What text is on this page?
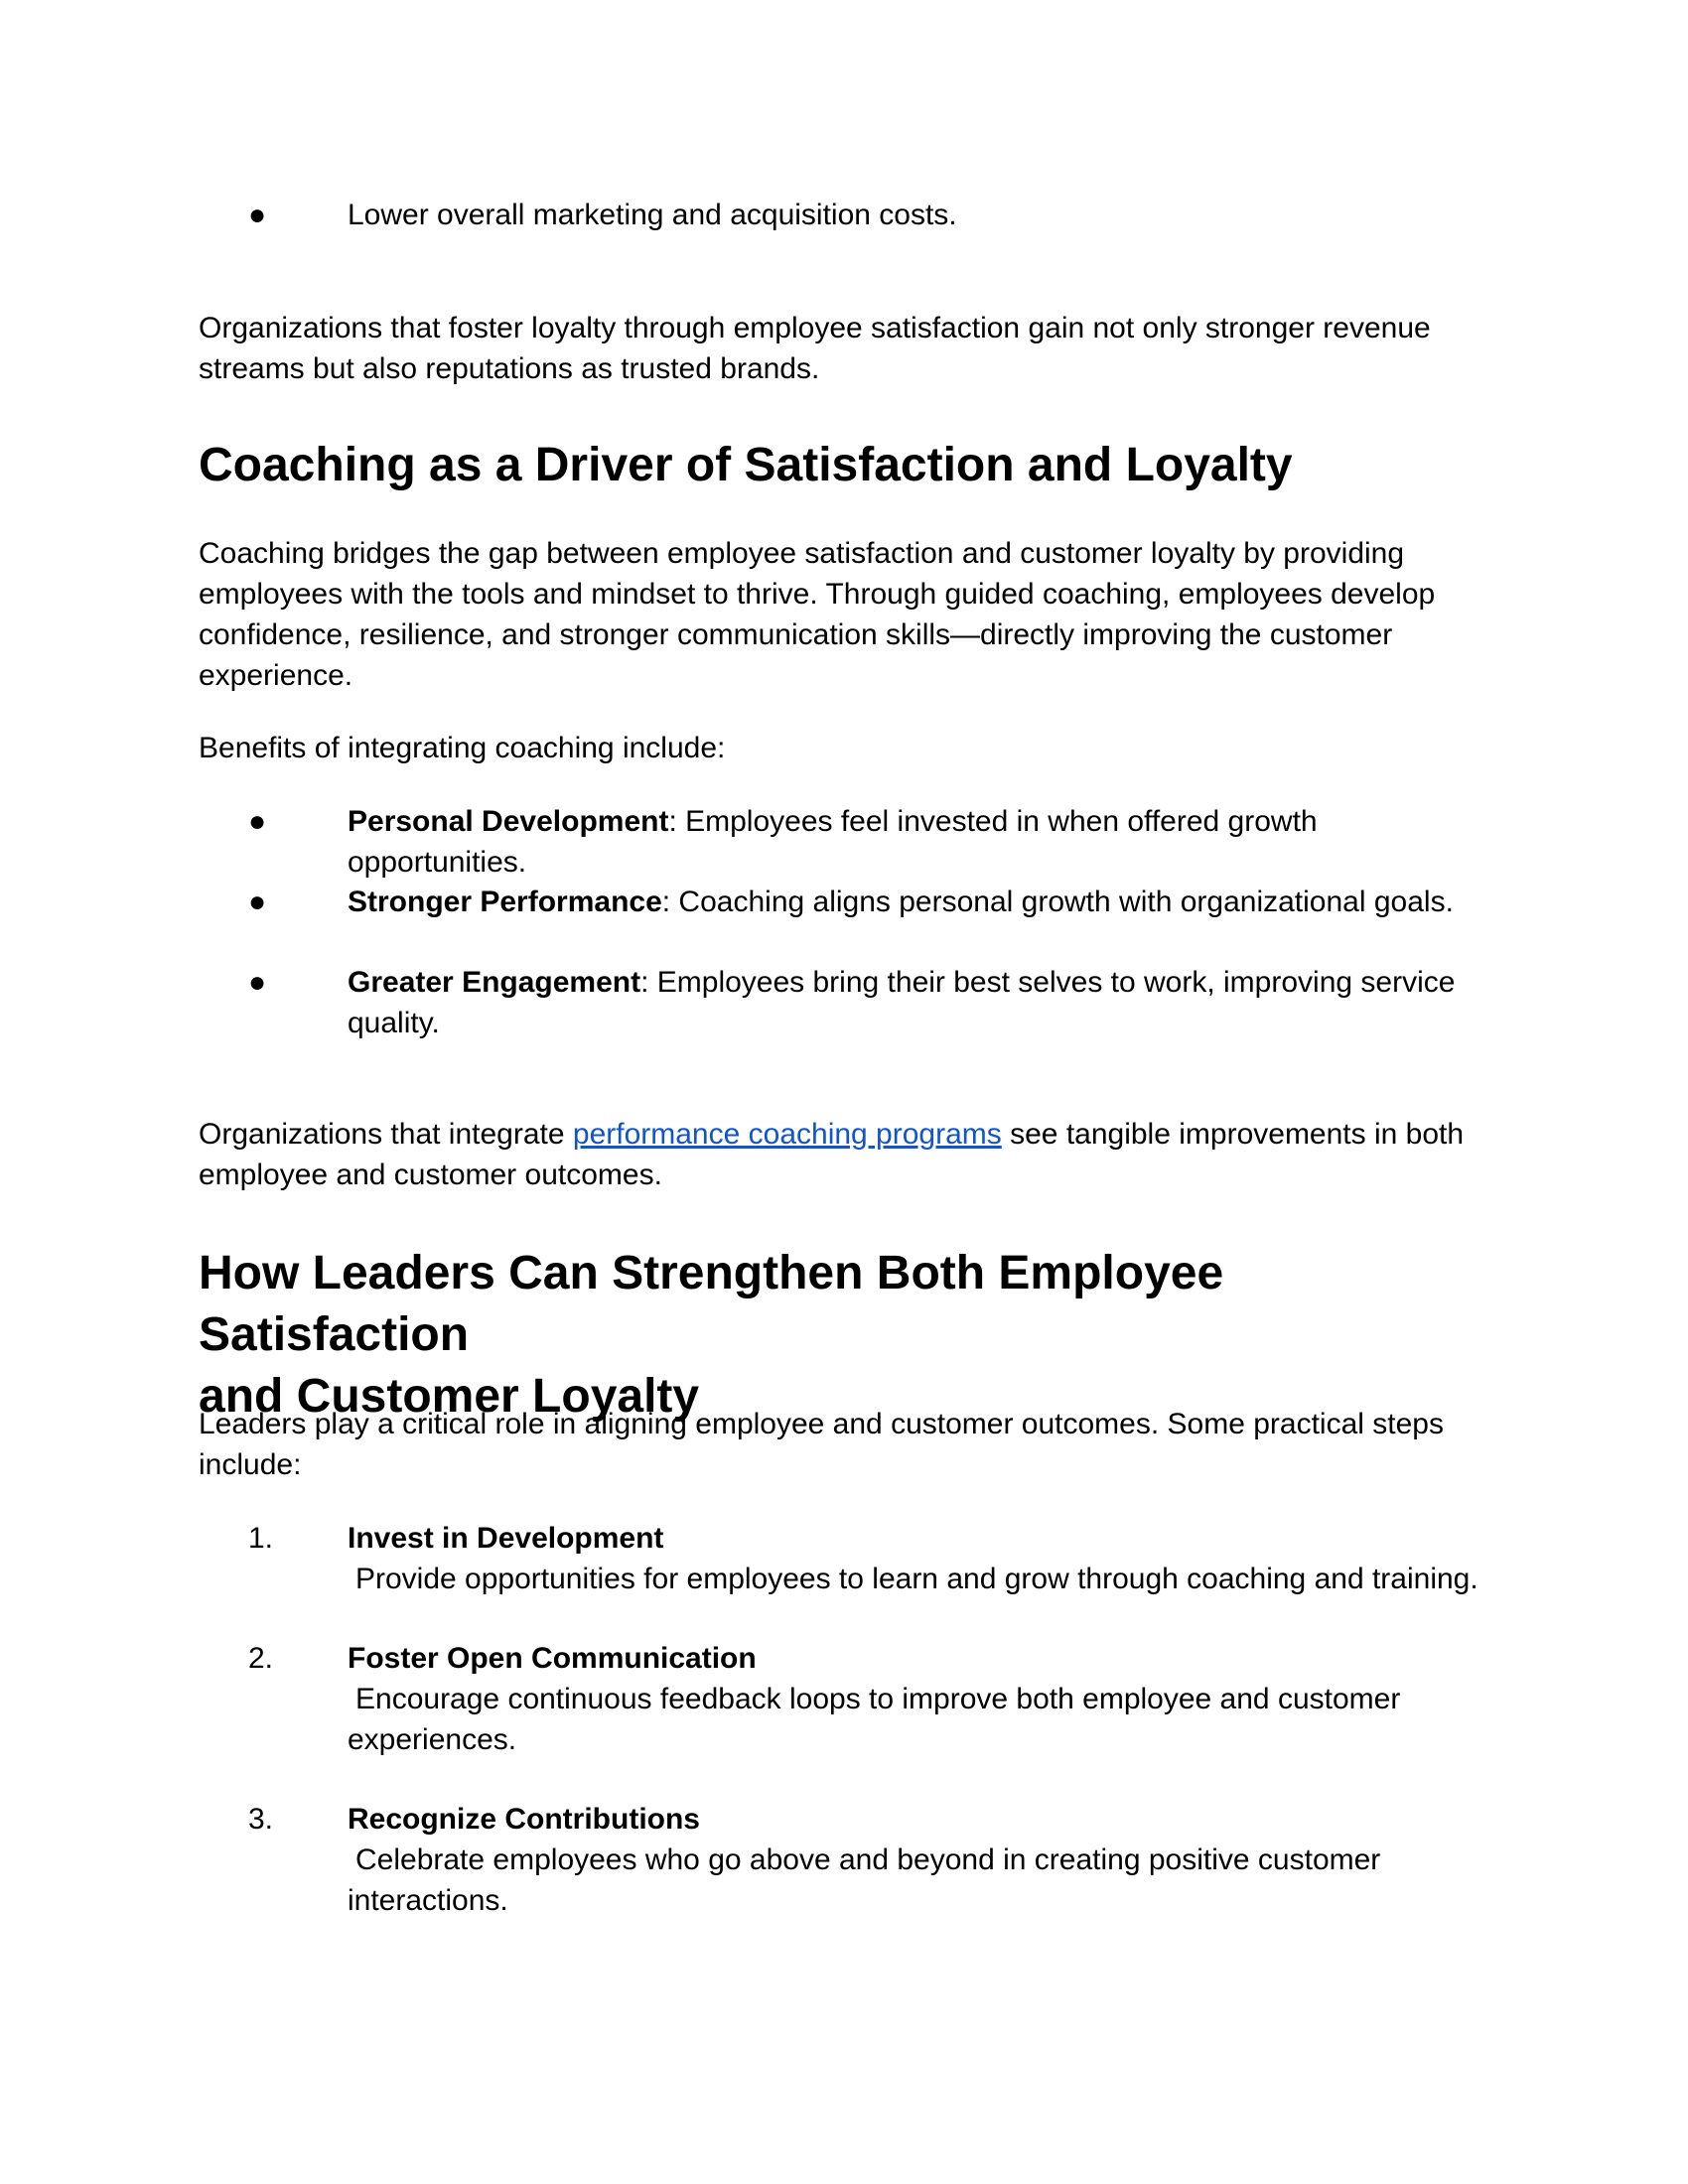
●	Lower overall marketing and acquisition costs.

Organizations that foster loyalty through employee satisfaction gain not only stronger revenue streams but also reputations as trusted brands.

Coaching as a Driver of Satisfaction and Loyalty

Coaching bridges the gap between employee satisfaction and customer loyalty by providing employees with the tools and mindset to thrive. Through guided coaching, employees develop confidence, resilience, and stronger communication skills—directly improving the customer experience.

Benefits of integrating coaching include:

●	Personal Development: Employees feel invested in when offered growth opportunities.
●	Stronger Performance: Coaching aligns personal growth with organizational goals.
●	Greater Engagement: Employees bring their best selves to work, improving service quality.

Organizations that integrate performance coaching programs see tangible improvements in both employee and customer outcomes.

How Leaders Can Strengthen Both Employee Satisfaction
and Customer Loyalty

Leaders play a critical role in aligning employee and customer outcomes. Some practical steps include:

1.	Invest in Development
Provide opportunities for employees to learn and grow through coaching and training.
2.	Foster Open Communication
Encourage continuous feedback loops to improve both employee and customer
experiences.
3.	Recognize Contributions
Celebrate employees who go above and beyond in creating positive customer
interactions.
